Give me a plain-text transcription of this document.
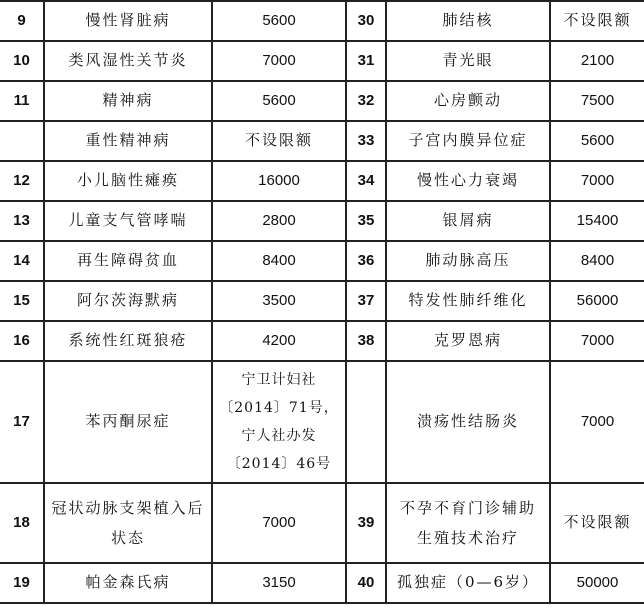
9	慢性肾脏病	5600	30	肺结核	不设限额
10	类风湿性关节炎	7000	31	青光眼	2100
11	精神病	5600	32	心房颤动	7500
	重性精神病	不设限额	33	子宫内膜异位症	5600
12	小儿脑性瘫痪	16000	34	慢性心力衰竭	7000
13	儿童支气管哮喘	2800	35	银屑病	15400
14	再生障碍贫血	8400	36	肺动脉高压	8400
15	阿尔茨海默病	3500	37	特发性肺纤维化	56000
16	系统性红斑狼疮	4200	38	克罗恩病	7000
17	苯丙酮尿症	宁卫计妇社〔2014〕71号，宁人社办发〔2014〕46号		溃疡性结肠炎	7000
18	冠状动脉支架植入后状态	7000	39	不孕不育门诊辅助生殖技术治疗	不设限额
19	帕金森氏病	3150	40	孤独症（0—6岁）	50000
